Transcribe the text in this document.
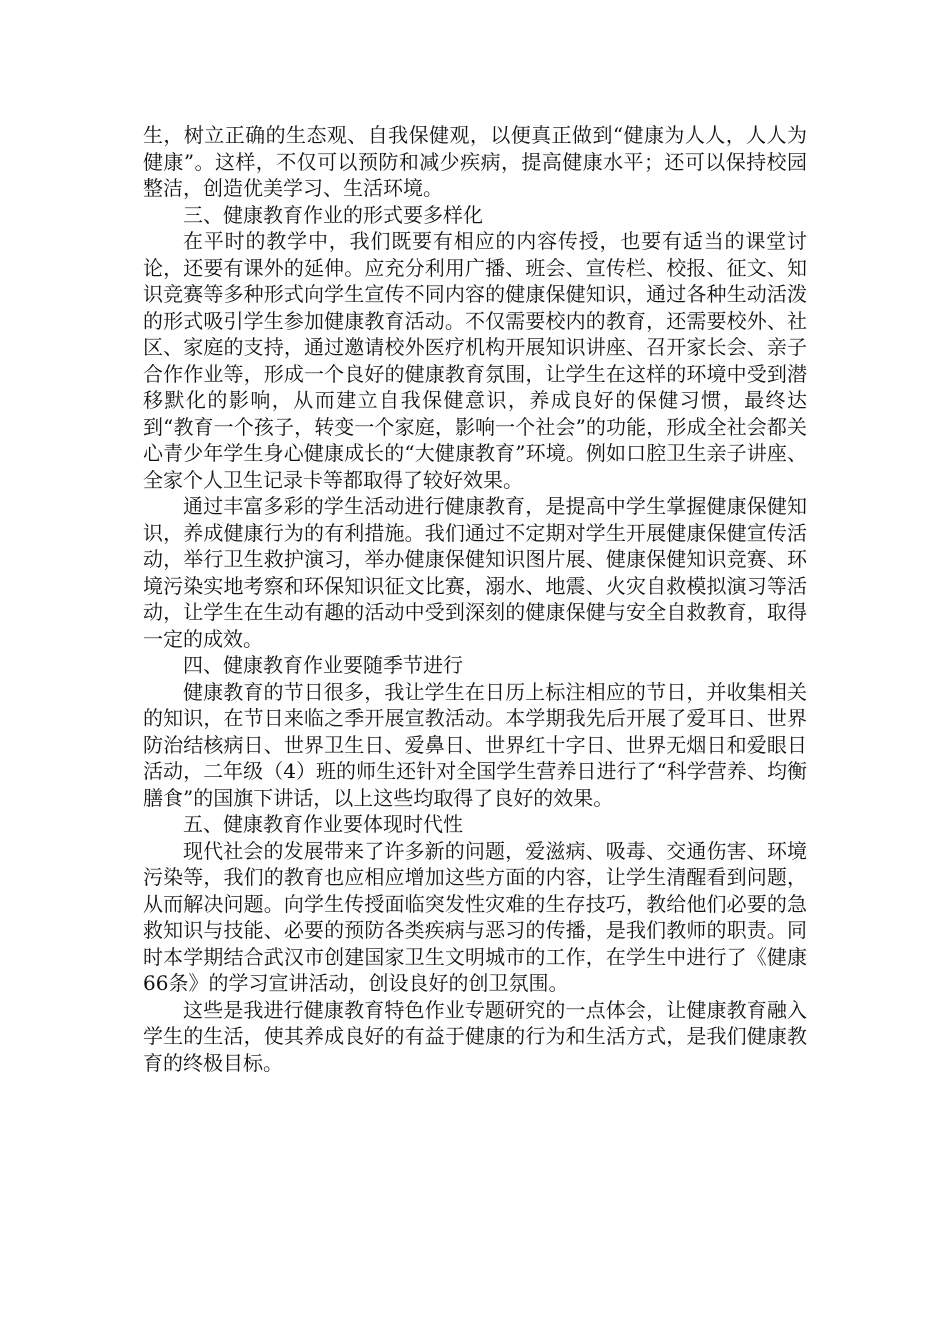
生，树立正确的生态观、自我保健观，以便真正做到“健康为人人，人人为健康”。这样，不仅可以预防和减少疾病，提高健康水平；还可以保持校园整洁，创造优美学习、生活环境。

三、健康教育作业的形式要多样化

在平时的教学中，我们既要有相应的内容传授，也要有适当的课堂讨论，还要有课外的延伸。应充分利用广播、班会、宣传栏、校报、征文、知识竞赛等多种形式向学生宣传不同内容的健康保健知识，通过各种生动活泼的形式吸引学生参加健康教育活动。不仅需要校内的教育，还需要校外、社区、家庭的支持，通过邀请校外医疗机构开展知识讲座、召开家长会、亲子合作作业等，形成一个良好的健康教育氛围，让学生在这样的环境中受到潜移默化的影响，从而建立自我保健意识，养成良好的保健习惯，最终达到“教育一个孩子，转变一个家庭，影响一个社会”的功能，形成全社会都关心青少年学生身心健康成长的“大健康教育”环境。例如口腔卫生亲子讲座、全家个人卫生记录卡等都取得了较好效果。

通过丰富多彩的学生活动进行健康教育，是提高中学生掌握健康保健知识，养成健康行为的有利措施。我们通过不定期对学生开展健康保健宣传活动，举行卫生救护演习，举办健康保健知识图片展、健康保健知识竞赛、环境污染实地考察和环保知识征文比赛，溺水、地震、火灾自救模拟演习等活动，让学生在生动有趣的活动中受到深刻的健康保健与安全自救教育，取得一定的成效。

四、健康教育作业要随季节进行

健康教育的节日很多，我让学生在日历上标注相应的节日，并收集相关的知识，在节日来临之季开展宣教活动。本学期我先后开展了爱耳日、世界防治结核病日、世界卫生日、爱鼻日、世界红十字日、世界无烟日和爱眼日活动，二年级（4）班的师生还针对全国学生营养日进行了“科学营养、均衡膳食”的国旗下讲话，以上这些均取得了良好的效果。

五、健康教育作业要体现时代性

现代社会的发展带来了许多新的问题，爱滋病、吸毒、交通伤害、环境污染等，我们的教育也应相应增加这些方面的内容，让学生清醒看到问题，从而解决问题。向学生传授面临突发性灾难的生存技巧，教给他们必要的急救知识与技能、必要的预防各类疾病与恶习的传播，是我们教师的职责。同时本学期结合武汉市创建国家卫生文明城市的工作，在学生中进行了《健康66条》的学习宣讲活动，创设良好的创卫氛围。

这些是我进行健康教育特色作业专题研究的一点体会，让健康教育融入学生的生活，使其养成良好的有益于健康的行为和生活方式，是我们健康教育的终极目标。
